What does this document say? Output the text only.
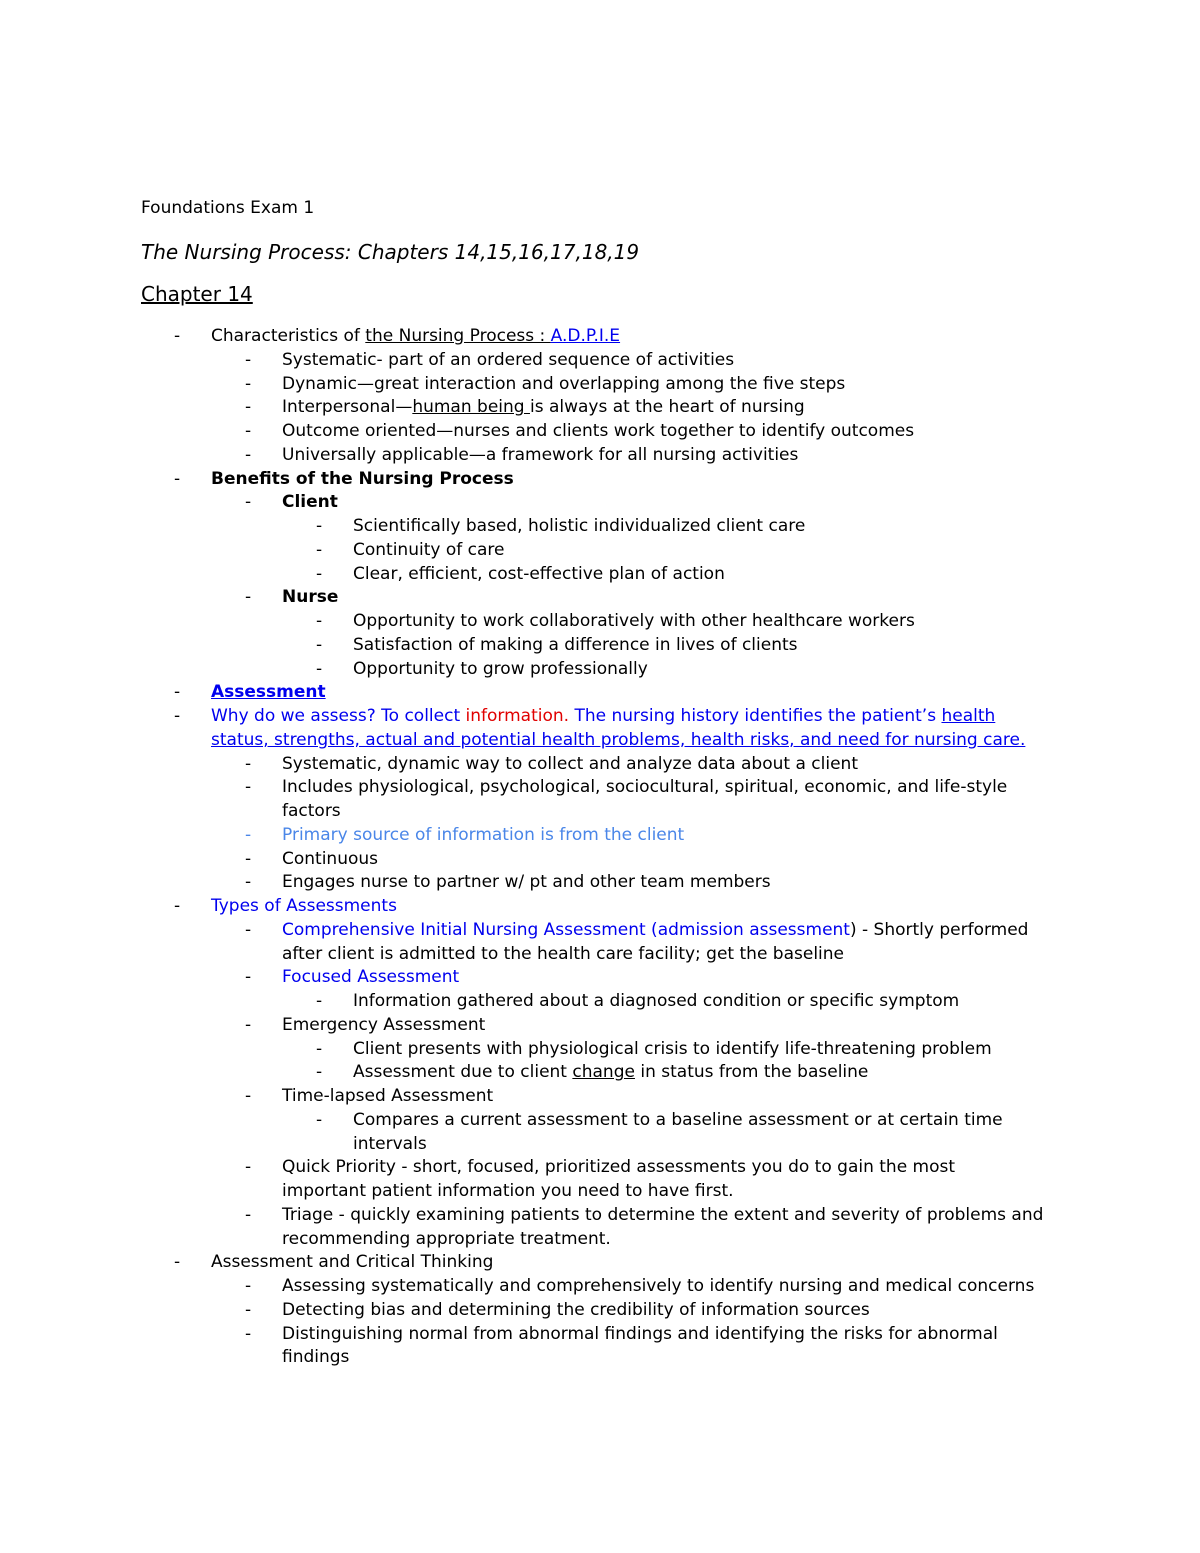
Foundations Exam 1
The Nursing Process: Chapters 14,15,16,17,18,19
Chapter 14
- Characteristics of the Nursing Process : A.D.P.I.E
- Systematic- part of an ordered sequence of activities
- Dynamic—great interaction and overlapping among the five steps
- Interpersonal—human being is always at the heart of nursing
- Outcome oriented—nurses and clients work together to identify outcomes
- Universally applicable—a framework for all nursing activities
- Benefits of the Nursing Process
- Client
- Scientifically based, holistic individualized client care
- Continuity of care
- Clear, efficient, cost-effective plan of action
- Nurse
- Opportunity to work collaboratively with other healthcare workers
- Satisfaction of making a difference in lives of clients
- Opportunity to grow professionally
- Assessment
- Why do we assess? To collect information. The nursing history identifies the patient’s health
status, strengths, actual and potential health problems, health risks, and need for nursing care.
- Systematic, dynamic way to collect and analyze data about a client
- Includes physiological, psychological, sociocultural, spiritual, economic, and life-style
factors
- Primary source of information is from the client
- Continuous
- Engages nurse to partner w/ pt and other team members
- Types of Assessments
- Comprehensive Initial Nursing Assessment (admission assessment) - Shortly performed
after client is admitted to the health care facility; get the baseline
- Focused Assessment
- Information gathered about a diagnosed condition or specific symptom
- Emergency Assessment
- Client presents with physiological crisis to identify life-threatening problem
- Assessment due to client change in status from the baseline
- Time-lapsed Assessment
- Compares a current assessment to a baseline assessment or at certain time
intervals
- Quick Priority - short, focused, prioritized assessments you do to gain the most
important patient information you need to have first.
- Triage - quickly examining patients to determine the extent and severity of problems and
recommending appropriate treatment.
- Assessment and Critical Thinking
- Assessing systematically and comprehensively to identify nursing and medical concerns
- Detecting bias and determining the credibility of information sources
- Distinguishing normal from abnormal findings and identifying the risks for abnormal
findings
